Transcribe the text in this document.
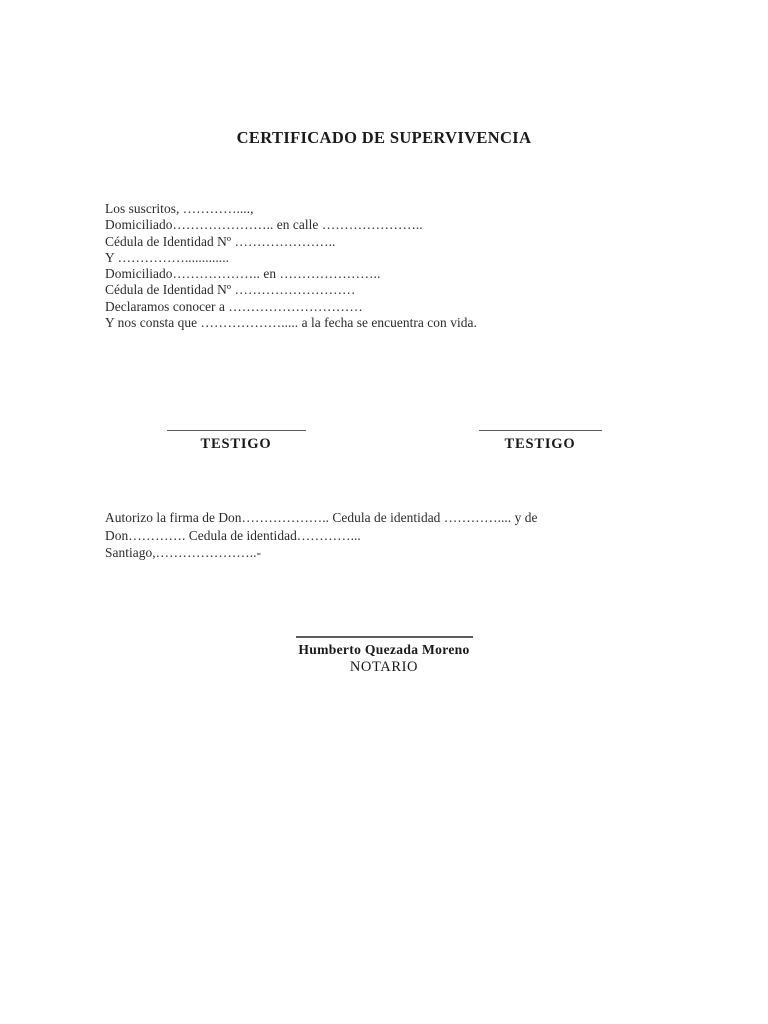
CERTIFICADO DE SUPERVIVENCIA
Los suscritos, …………....,
Domiciliado………………….. en calle …………………..
Cédula de Identidad Nº …………………..
Y …………….............
Domiciliado……………….. en …………………..
Cédula de Identidad Nº ………………………
Declaramos conocer a …………………………
Y nos consta que ………………..... a la fecha se encuentra con vida.
TESTIGO	TESTIGO
Autorizo la firma de Don……………….. Cedula de identidad ………….... y de
Don…………. Cedula de identidad…………...
Santiago,…………………..-
Humberto Quezada Moreno
NOTARIO
